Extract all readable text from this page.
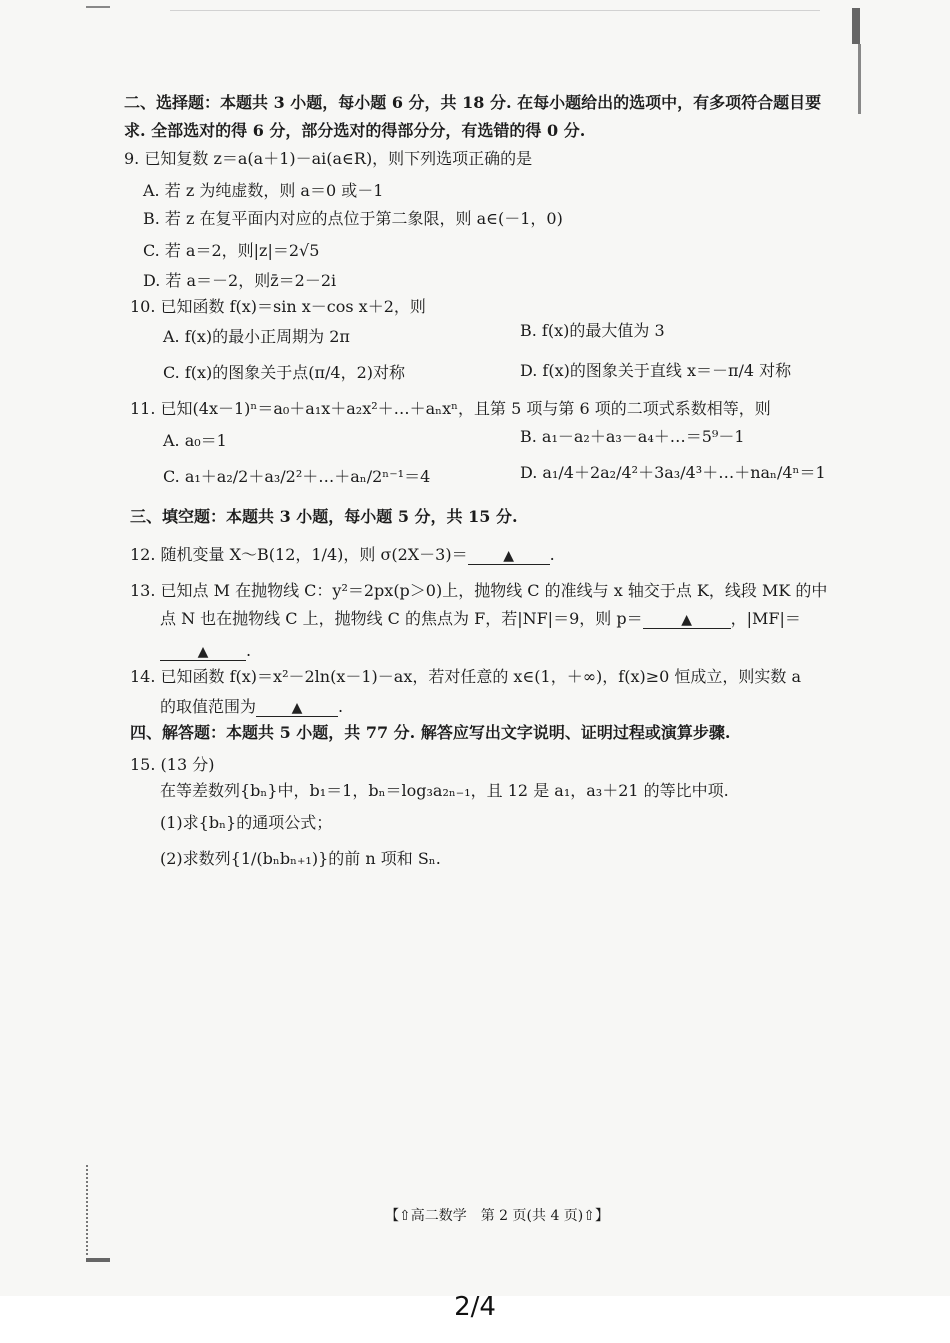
二、选择题：本题共 3 小题，每小题 6 分，共 18 分. 在每小题给出的选项中，有多项符合题目要
求. 全部选对的得 6 分，部分选对的得部分分，有选错的得 0 分.
9. 已知复数 z＝a(a＋1)－ai(a∈R)，则下列选项正确的是
A. 若 z 为纯虚数，则 a＝0 或－1
B. 若 z 在复平面内对应的点位于第二象限，则 a∈(－1，0)
C. 若 a＝2，则|z|＝2√5
D. 若 a＝－2，则z̄＝2－2i
10. 已知函数 f(x)＝sin x－cos x＋2，则
A. f(x)的最小正周期为 2π	B. f(x)的最大值为 3
C. f(x)的图象关于点(π/4，2)对称	D. f(x)的图象关于直线 x＝－π/4 对称
11. 已知(4x－1)ⁿ＝a₀＋a₁x＋a₂x²＋…＋aₙxⁿ，且第 5 项与第 6 项的二项式系数相等，则
A. a₀＝1	B. a₁－a₂＋a₃－a₄＋…＝5⁹－1
C. a₁＋a₂/2＋a₃/2²＋…＋aₙ/2ⁿ⁻¹＝4	D. a₁/4＋2a₂/4²＋3a₃/4³＋…＋naₙ/4ⁿ＝1
三、填空题：本题共 3 小题，每小题 5 分，共 15 分.
12. 随机变量 X～B(12，1/4)，则 σ(2X－3)＝	▲ .
13. 已知点 M 在抛物线 C：y²＝2px(p＞0)上，抛物线 C 的准线与 x 轴交于点 K，线段 MK 的中
点 N 也在抛物线 C 上，抛物线 C 的焦点为 F，若|NF|＝9，则 p＝	▲ ，|MF|＝
▲ .
14. 已知函数 f(x)＝x²－2ln(x－1)－ax，若对任意的 x∈(1，＋∞)，f(x)≥0 恒成立，则实数 a
的取值范围为	▲ .
四、解答题：本题共 5 小题，共 77 分. 解答应写出文字说明、证明过程或演算步骤.
15. (13 分)
在等差数列{bₙ}中，b₁＝1，bₙ＝log₃a₂ₙ₋₁，且 12 是 a₁，a₃＋21 的等比中项.
(1)求{bₙ}的通项公式；
(2)求数列{1/(bₙbₙ₊₁)}的前 n 项和 Sₙ.
【⇧高二数学　第 2 页(共 4 页)⇧】
2/4
